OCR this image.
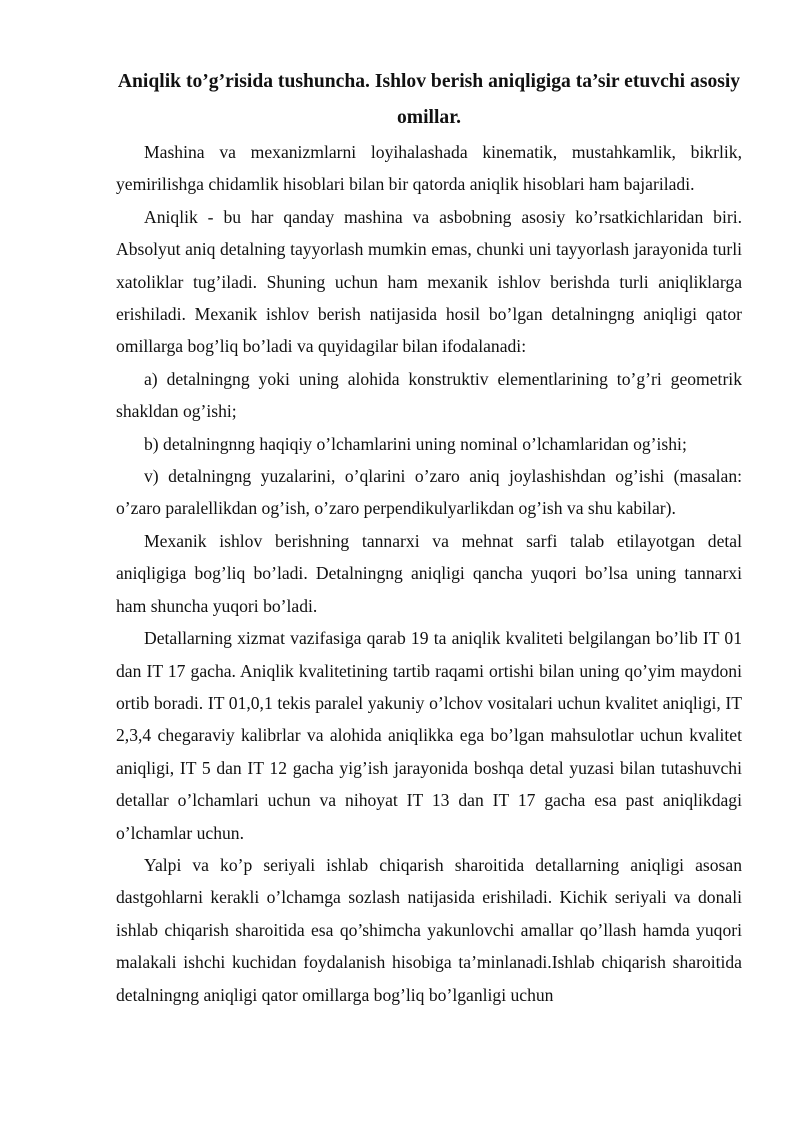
Aniqlik to’g’risida tushuncha. Ishlov berish aniqligiga ta’sir etuvchi asosiy omillar.

Mashina va mexanizmlarni loyihalashada kinematik, mustahkamlik, bikrlik, yemirilishga chidamlik hisoblari bilan bir qatorda aniqlik hisoblari ham bajariladi.

Aniqlik - bu har qanday mashina va asbobning asosiy ko’rsatkichlaridan biri. Absolyut aniq detalning tayyorlash mumkin emas, chunki uni tayyorlash jarayonida turli xatoliklar tug’iladi. Shuning uchun ham mexanik ishlov berishda turli aniqliklarga erishiladi. Mexanik ishlov berish natijasida hosil bo’lgan detalningng aniqligi qator omillarga bog’liq bo’ladi va quyidagilar bilan ifodalanadi:

a) detalningng yoki uning alohida konstruktiv elementlarining to’g’ri geometrik shakldan og’ishi;

b) detalningnng haqiqiy o’lchamlarini uning nominal o’lchamlaridan og’ishi;

v) detalningng yuzalarini, o’qlarini o’zaro aniq joylashishdan og’ishi (masalan: o’zaro paralellikdan og’ish, o’zaro perpendikulyarlikdan og’ish va shu kabilar).

Mexanik ishlov berishning tannarxi va mehnat sarfi talab etilayotgan detal aniqligiga bog’liq bo’ladi. Detalningng aniqligi qancha yuqori bo’lsa uning tannarxi ham shuncha yuqori bo’ladi.

Detallarning xizmat vazifasiga qarab 19 ta aniqlik kvaliteti belgilangan bo’lib IT 01 dan IT 17 gacha. Aniqlik kvalitetining tartib raqami ortishi bilan uning qo’yim maydoni ortib boradi. IT 01,0,1 tekis paralel yakuniy o’lchov vositalari uchun kvalitet aniqligi, IT 2,3,4 chegaraviy kalibrlar va alohida aniqlikka ega bo’lgan mahsulotlar uchun kvalitet aniqligi, IT 5 dan IT 12 gacha yig’ish jarayonida boshqa detal yuzasi bilan tutashuvchi detallar o’lchamlari uchun va nihoyat IT 13 dan IT 17 gacha esa past aniqlikdagi o’lchamlar uchun.

Yalpi va ko’p seriyali ishlab chiqarish sharoitida detallarning aniqligi asosan dastgohlarni kerakli o’lchamga sozlash natijasida erishiladi. Kichik seriyali va donali ishlab chiqarish sharoitida esa qo’shimcha yakunlovchi amallar qo’llash hamda yuqori malakali ishchi kuchidan foydalanish hisobiga ta’minlanadi.Ishlab chiqarish sharoitida detalningng aniqligi qator omillarga bog’liq bo’lganligi uchun
